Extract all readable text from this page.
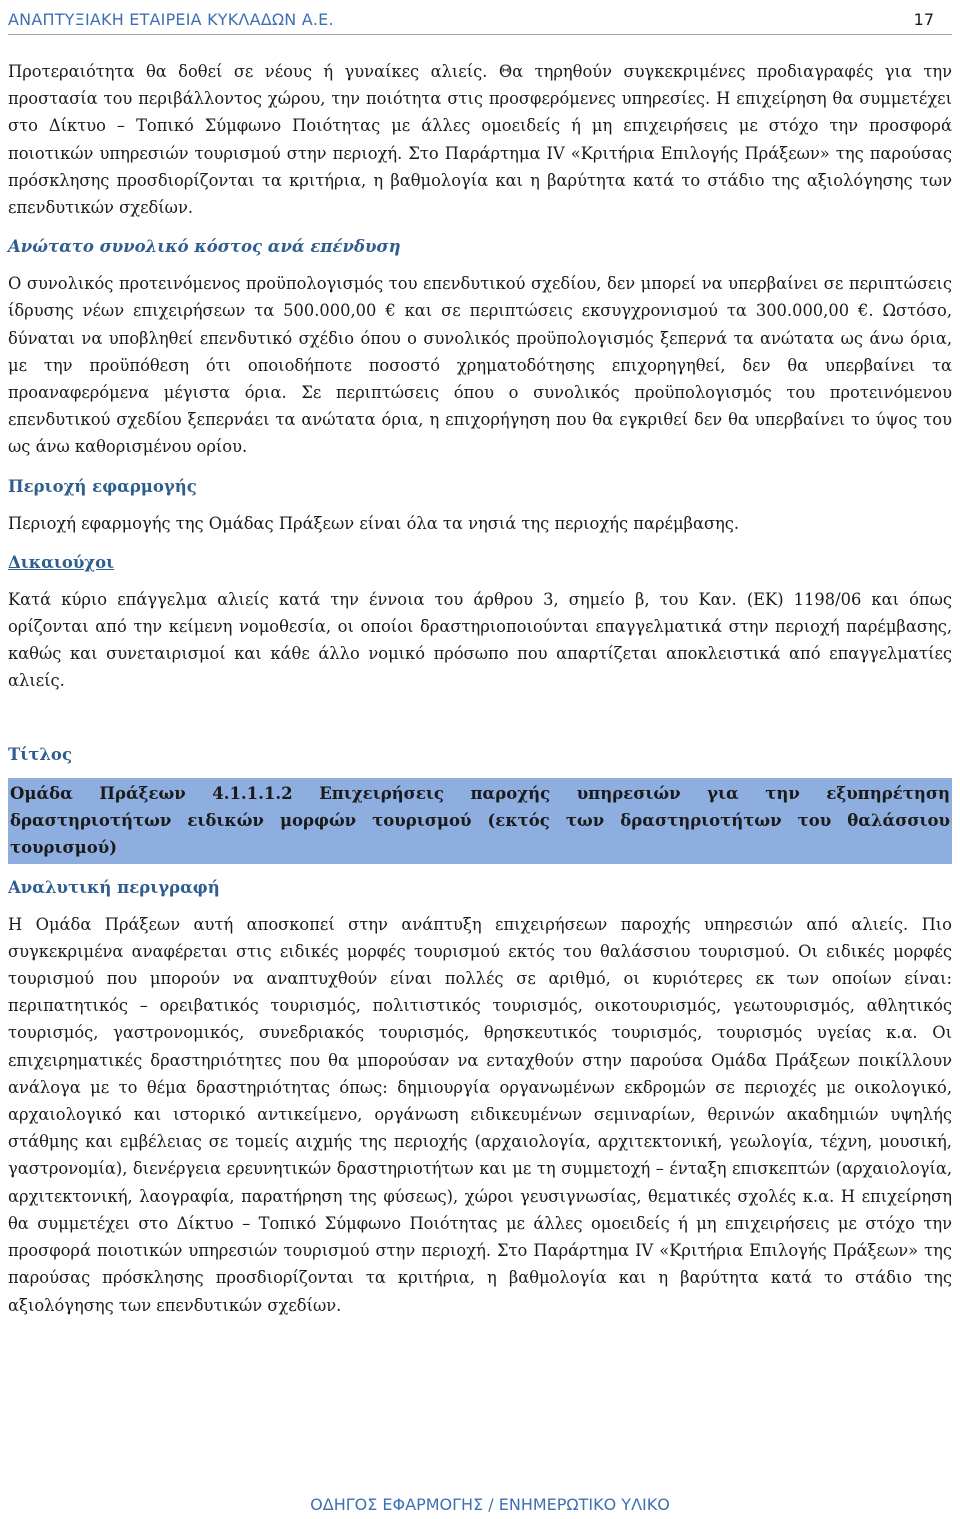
ΑΝΑΠΤΥΞΙΑΚΗ ΕΤΑΙΡΕΙΑ ΚΥΚΛΑΔΩΝ Α.Ε.	17

Προτεραιότητα θα δοθεί σε νέους ή γυναίκες αλιείς. Θα τηρηθούν συγκεκριμένες προδιαγραφές για την προστασία του περιβάλλοντος χώρου, την ποιότητα στις προσφερόμενες υπηρεσίες. Η επιχείρηση θα συμμετέχει στο Δίκτυο – Τοπικό Σύμφωνο Ποιότητας με άλλες ομοειδείς ή μη επιχειρήσεις με στόχο την προσφορά ποιοτικών υπηρεσιών τουρισμού στην περιοχή. Στο Παράρτημα IV «Κριτήρια Επιλογής Πράξεων» της παρούσας πρόσκλησης προσδιορίζονται τα κριτήρια, η βαθμολογία και η βαρύτητα κατά το στάδιο της αξιολόγησης των επενδυτικών σχεδίων.

Ανώτατο συνολικό κόστος ανά επένδυση

Ο συνολικός προτεινόμενος προϋπολογισμός του επενδυτικού σχεδίου, δεν μπορεί να υπερβαίνει σε περιπτώσεις ίδρυσης νέων επιχειρήσεων τα 500.000,00 € και σε περιπτώσεις εκσυγχρονισμού τα 300.000,00 €. Ωστόσο, δύναται να υποβληθεί επενδυτικό σχέδιο όπου ο συνολικός προϋπολογισμός ξεπερνά τα ανώτατα ως άνω όρια, με την προϋπόθεση ότι οποιοδήποτε ποσοστό χρηματοδότησης επιχορηγηθεί, δεν θα υπερβαίνει τα προαναφερόμενα μέγιστα όρια. Σε περιπτώσεις όπου ο συνολικός προϋπολογισμός του προτεινόμενου επενδυτικού σχεδίου ξεπερνάει τα ανώτατα όρια, η επιχορήγηση που θα εγκριθεί δεν θα υπερβαίνει το ύψος του ως άνω καθορισμένου ορίου.

Περιοχή εφαρμογής

Περιοχή εφαρμογής της Ομάδας Πράξεων είναι όλα τα νησιά της περιοχής παρέμβασης.

Δικαιούχοι

Κατά κύριο επάγγελμα αλιείς κατά την έννοια του άρθρου 3, σημείο β, του Καν. (ΕΚ) 1198/06 και όπως ορίζονται από την κείμενη νομοθεσία, οι οποίοι δραστηριοποιούνται επαγγελματικά στην περιοχή παρέμβασης, καθώς και συνεταιρισμοί και κάθε άλλο νομικό πρόσωπο που απαρτίζεται αποκλειστικά από επαγγελματίες αλιείς.

Τίτλος

Ομάδα Πράξεων 4.1.1.1.2 Επιχειρήσεις παροχής υπηρεσιών για την εξυπηρέτηση δραστηριοτήτων ειδικών μορφών τουρισμού (εκτός των δραστηριοτήτων του θαλάσσιου τουρισμού)

Αναλυτική περιγραφή

Η Ομάδα Πράξεων αυτή αποσκοπεί στην ανάπτυξη επιχειρήσεων παροχής υπηρεσιών από αλιείς. Πιο συγκεκριμένα αναφέρεται στις ειδικές μορφές τουρισμού εκτός του θαλάσσιου τουρισμού. Οι ειδικές μορφές τουρισμού που μπορούν να αναπτυχθούν είναι πολλές σε αριθμό, οι κυριότερες εκ των οποίων είναι: περιπατητικός – ορειβατικός τουρισμός, πολιτιστικός τουρισμός, οικοτουρισμός, γεωτουρισμός, αθλητικός τουρισμός, γαστρονομικός, συνεδριακός τουρισμός, θρησκευτικός τουρισμός, τουρισμός υγείας κ.α. Οι επιχειρηματικές δραστηριότητες που θα μπορούσαν να ενταχθούν στην παρούσα Ομάδα Πράξεων ποικίλλουν ανάλογα με το θέμα δραστηριότητας όπως: δημιουργία οργανωμένων εκδρομών σε περιοχές με οικολογικό, αρχαιολογικό και ιστορικό αντικείμενο, οργάνωση ειδικευμένων σεμιναρίων, θερινών ακαδημιών υψηλής στάθμης και εμβέλειας σε τομείς αιχμής της περιοχής (αρχαιολογία, αρχιτεκτονική, γεωλογία, τέχνη, μουσική, γαστρονομία), διενέργεια ερευνητικών δραστηριοτήτων και με τη συμμετοχή – ένταξη επισκεπτών (αρχαιολογία, αρχιτεκτονική, λαογραφία, παρατήρηση της φύσεως), χώροι γευσιγνωσίας, θεματικές σχολές κ.α. Η επιχείρηση θα συμμετέχει στο Δίκτυο – Τοπικό Σύμφωνο Ποιότητας με άλλες ομοειδείς ή μη επιχειρήσεις με στόχο την προσφορά ποιοτικών υπηρεσιών τουρισμού στην περιοχή. Στο Παράρτημα IV «Κριτήρια Επιλογής Πράξεων» της παρούσας πρόσκλησης προσδιορίζονται τα κριτήρια, η βαθμολογία και η βαρύτητα κατά το στάδιο της αξιολόγησης των επενδυτικών σχεδίων.

ΟΔΗΓΟΣ ΕΦΑΡΜΟΓΗΣ / ΕΝΗΜΕΡΩΤΙΚΟ ΥΛΙΚΟ
